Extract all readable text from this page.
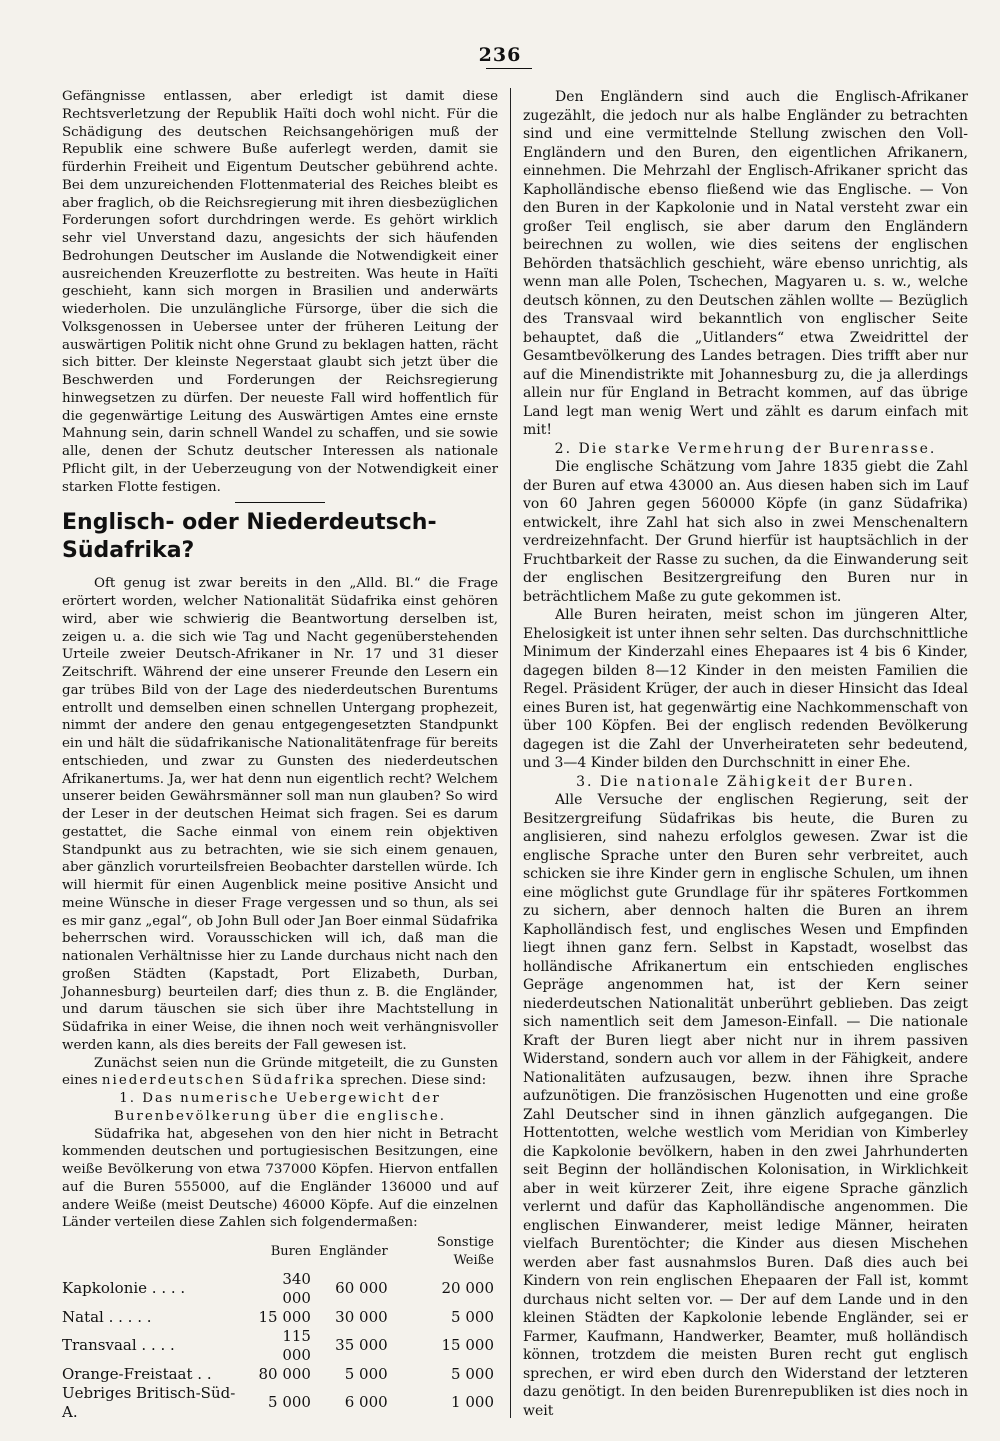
236

Gefängnisse entlassen, aber erledigt ist damit diese Rechtsverletzung der Republik Haïti doch wohl nicht. Für die Schädigung des deutschen Reichsangehörigen muß der Republik eine schwere Buße auferlegt werden, damit sie fürderhin Freiheit und Eigentum Deutscher gebührend achte. Bei dem unzureichenden Flottenmaterial des Reiches bleibt es aber fraglich, ob die Reichsregierung mit ihren diesbezüglichen Forderungen sofort durchdringen werde. Es gehört wirklich sehr viel Unverstand dazu, angesichts der sich häufenden Bedrohungen Deutscher im Auslande die Notwendigkeit einer ausreichenden Kreuzerflotte zu bestreiten. Was heute in Haïti geschieht, kann sich morgen in Brasilien und anderwärts wiederholen. Die unzulängliche Fürsorge, über die sich die Volksgenossen in Uebersee unter der früheren Leitung der auswärtigen Politik nicht ohne Grund zu beklagen hatten, rächt sich bitter. Der kleinste Negerstaat glaubt sich jetzt über die Beschwerden und Forderungen der Reichsregierung hinwegsetzen zu dürfen. Der neueste Fall wird hoffentlich für die gegenwärtige Leitung des Auswärtigen Amtes eine ernste Mahnung sein, darin schnell Wandel zu schaffen, und sie sowie alle, denen der Schutz deutscher Interessen als nationale Pflicht gilt, in der Ueberzeugung von der Notwendigkeit einer starken Flotte festigen.

Englisch- oder Niederdeutsch-Südafrika?

Oft genug ist zwar bereits in den „Alld. Bl.“ die Frage erörtert worden, welcher Nationalität Südafrika einst gehören wird, aber wie schwierig die Beantwortung derselben ist, zeigen u. a. die sich wie Tag und Nacht gegenüberstehenden Urteile zweier Deutsch-Afrikaner in Nr. 17 und 31 dieser Zeitschrift. Während der eine unserer Freunde den Lesern ein gar trübes Bild von der Lage des niederdeutschen Burentums entrollt und demselben einen schnellen Untergang prophezeit, nimmt der andere den genau entgegengesetzten Standpunkt ein und hält die südafrikanische Nationalitätenfrage für bereits entschieden, und zwar zu Gunsten des niederdeutschen Afrikanertums. Ja, wer hat denn nun eigentlich recht? Welchem unserer beiden Gewährsmänner soll man nun glauben? So wird der Leser in der deutschen Heimat sich fragen. Sei es darum gestattet, die Sache einmal von einem rein objektiven Standpunkt aus zu betrachten, wie sie sich einem genauen, aber gänzlich vorurteilsfreien Beobachter darstellen würde. Ich will hiermit für einen Augenblick meine positive Ansicht und meine Wünsche in dieser Frage vergessen und so thun, als sei es mir ganz „egal“, ob John Bull oder Jan Boer einmal Südafrika beherrschen wird. Vorausschicken will ich, daß man die nationalen Verhältnisse hier zu Lande durchaus nicht nach den großen Städten (Kapstadt, Port Elizabeth, Durban, Johannesburg) beurteilen darf; dies thun z. B. die Engländer, und darum täuschen sie sich über ihre Machtstellung in Südafrika in einer Weise, die ihnen noch weit verhängnisvoller werden kann, als dies bereits der Fall gewesen ist.

Zunächst seien nun die Gründe mitgeteilt, die zu Gunsten eines niederdeutschen Südafrika sprechen. Diese sind:

1. Das numerische Uebergewicht der Burenbevölkerung über die englische.

Südafrika hat, abgesehen von den hier nicht in Betracht kommenden deutschen und portugiesischen Besitzungen, eine weiße Bevölkerung von etwa 737000 Köpfen. Hiervon entfallen auf die Buren 555000, auf die Engländer 136000 und auf andere Weiße (meist Deutsche) 46000 Köpfe. Auf die einzelnen Länder verteilen diese Zahlen sich folgendermaßen:

	Buren	Engländer	Sonstige Weiße
Kapkolonie . . . .	340 000	60 000	20 000
Natal . . . . .	15 000	30 000	5 000
Transvaal . . . .	115 000	35 000	15 000
Orange-Freistaat . .	80 000	5 000	5 000
Uebriges Britisch-Süd-A.	5 000	6 000	1 000

Den Engländern sind auch die Englisch-Afrikaner zugezählt, die jedoch nur als halbe Engländer zu betrachten sind und eine vermittelnde Stellung zwischen den Voll-Engländern und den Buren, den eigentlichen Afrikanern, einnehmen. Die Mehrzahl der Englisch-Afrikaner spricht das Kapholländische ebenso fließend wie das Englische. — Von den Buren in der Kapkolonie und in Natal versteht zwar ein großer Teil englisch, sie aber darum den Engländern beirechnen zu wollen, wie dies seitens der englischen Behörden thatsächlich geschieht, wäre ebenso unrichtig, als wenn man alle Polen, Tschechen, Magyaren u. s. w., welche deutsch können, zu den Deutschen zählen wollte — Bezüglich des Transvaal wird bekanntlich von englischer Seite behauptet, daß die „Uitlanders“ etwa Zweidrittel der Gesamtbevölkerung des Landes betragen. Dies trifft aber nur auf die Minendistrikte mit Johannesburg zu, die ja allerdings allein nur für England in Betracht kommen, auf das übrige Land legt man wenig Wert und zählt es darum einfach mit mit!

2. Die starke Vermehrung der Burenrasse.

Die englische Schätzung vom Jahre 1835 giebt die Zahl der Buren auf etwa 43000 an. Aus diesen haben sich im Lauf von 60 Jahren gegen 560000 Köpfe (in ganz Südafrika) entwickelt, ihre Zahl hat sich also in zwei Menschenaltern verdreizehnfacht. Der Grund hierfür ist hauptsächlich in der Fruchtbarkeit der Rasse zu suchen, da die Einwanderung seit der englischen Besitzergreifung den Buren nur in beträchtlichem Maße zu gute gekommen ist.

Alle Buren heiraten, meist schon im jüngeren Alter, Ehelosigkeit ist unter ihnen sehr selten. Das durchschnittliche Minimum der Kinderzahl eines Ehepaares ist 4 bis 6 Kinder, dagegen bilden 8—12 Kinder in den meisten Familien die Regel. Präsident Krüger, der auch in dieser Hinsicht das Ideal eines Buren ist, hat gegenwärtig eine Nachkommenschaft von über 100 Köpfen. Bei der englisch redenden Bevölkerung dagegen ist die Zahl der Unverheirateten sehr bedeutend, und 3—4 Kinder bilden den Durchschnitt in einer Ehe.

3. Die nationale Zähigkeit der Buren.

Alle Versuche der englischen Regierung, seit der Besitzergreifung Südafrikas bis heute, die Buren zu anglisieren, sind nahezu erfolglos gewesen. Zwar ist die englische Sprache unter den Buren sehr verbreitet, auch schicken sie ihre Kinder gern in englische Schulen, um ihnen eine möglichst gute Grundlage für ihr späteres Fortkommen zu sichern, aber dennoch halten die Buren an ihrem Kapholländisch fest, und englisches Wesen und Empfinden liegt ihnen ganz fern. Selbst in Kapstadt, woselbst das holländische Afrikanertum ein entschieden englisches Gepräge angenommen hat, ist der Kern seiner niederdeutschen Nationalität unberührt geblieben. Das zeigt sich namentlich seit dem Jameson-Einfall. — Die nationale Kraft der Buren liegt aber nicht nur in ihrem passiven Widerstand, sondern auch vor allem in der Fähigkeit, andere Nationalitäten aufzusaugen, bezw. ihnen ihre Sprache aufzunötigen. Die französischen Hugenotten und eine große Zahl Deutscher sind in ihnen gänzlich aufgegangen. Die Hottentotten, welche westlich vom Meridian von Kimberley die Kapkolonie bevölkern, haben in den zwei Jahrhunderten seit Beginn der holländischen Kolonisation, in Wirklichkeit aber in weit kürzerer Zeit, ihre eigene Sprache gänzlich verlernt und dafür das Kapholländische angenommen. Die englischen Einwanderer, meist ledige Männer, heiraten vielfach Burentöchter; die Kinder aus diesen Mischehen werden aber fast ausnahmslos Buren. Daß dies auch bei Kindern von rein englischen Ehepaaren der Fall ist, kommt durchaus nicht selten vor. — Der auf dem Lande und in den kleinen Städten der Kapkolonie lebende Engländer, sei er Farmer, Kaufmann, Handwerker, Beamter, muß holländisch können, trotzdem die meisten Buren recht gut englisch sprechen, er wird eben durch den Widerstand der letzteren dazu genötigt. In den beiden Burenrepubliken ist dies noch in weit
